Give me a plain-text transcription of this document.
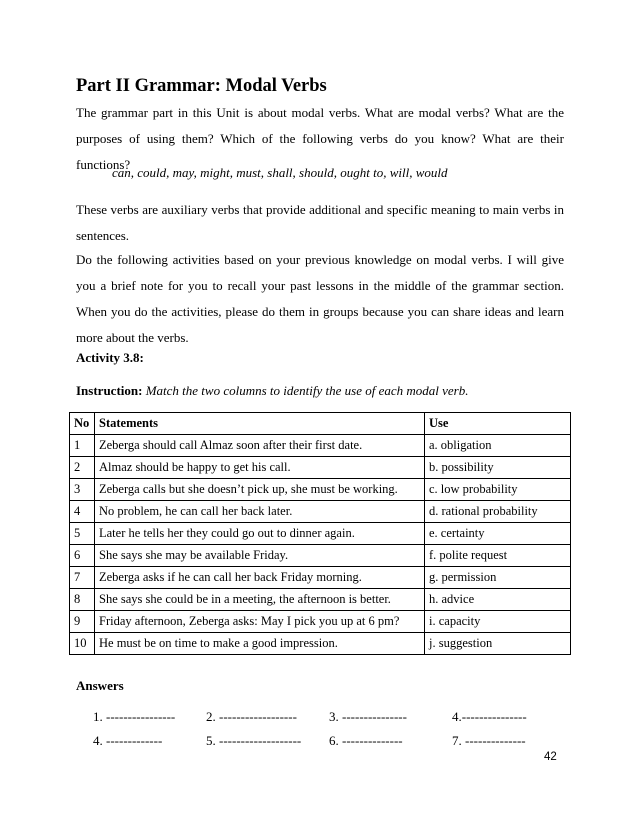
Part II Grammar: Modal Verbs

The grammar part in this Unit is about modal verbs. What are modal verbs? What are the purposes of using them? Which of the following verbs do you know? What are their functions?

can, could, may, might, must, shall, should, ought to, will, would

These verbs are auxiliary verbs that provide additional and specific meaning to main verbs in sentences.

Do the following activities based on your previous knowledge on modal verbs. I will give you a brief note for you to recall your past lessons in the middle of the grammar section. When you do the activities, please do them in groups because you can share ideas and learn more about the verbs.

Activity 3.8:

Instruction: Match the two columns to identify the use of each modal verb.

No	Statements	Use
1	Zeberga should call Almaz soon after their first date.	a. obligation
2	Almaz should be happy to get his call.	b. possibility
3	Zeberga calls but she doesn’t pick up, she must be working.	c. low probability
4	No problem, he can call her back later.	d. rational probability
5	Later he tells her they could go out to dinner again.	e. certainty
6	She says she may be available Friday.	f. polite request
7	Zeberga asks if he can call her back Friday morning.	g. permission
8	She says she could be in a meeting, the afternoon is better.	h. advice
9	Friday afternoon, Zeberga asks: May I pick you up at 6 pm?	i. capacity
10	He must be on time to make a good impression.	j. suggestion

Answers

1. ---------------- 2. ------------------ 3. ---------------	4.---------------
4. -------------	5. ------------------- 6. --------------	7. --------------
42
